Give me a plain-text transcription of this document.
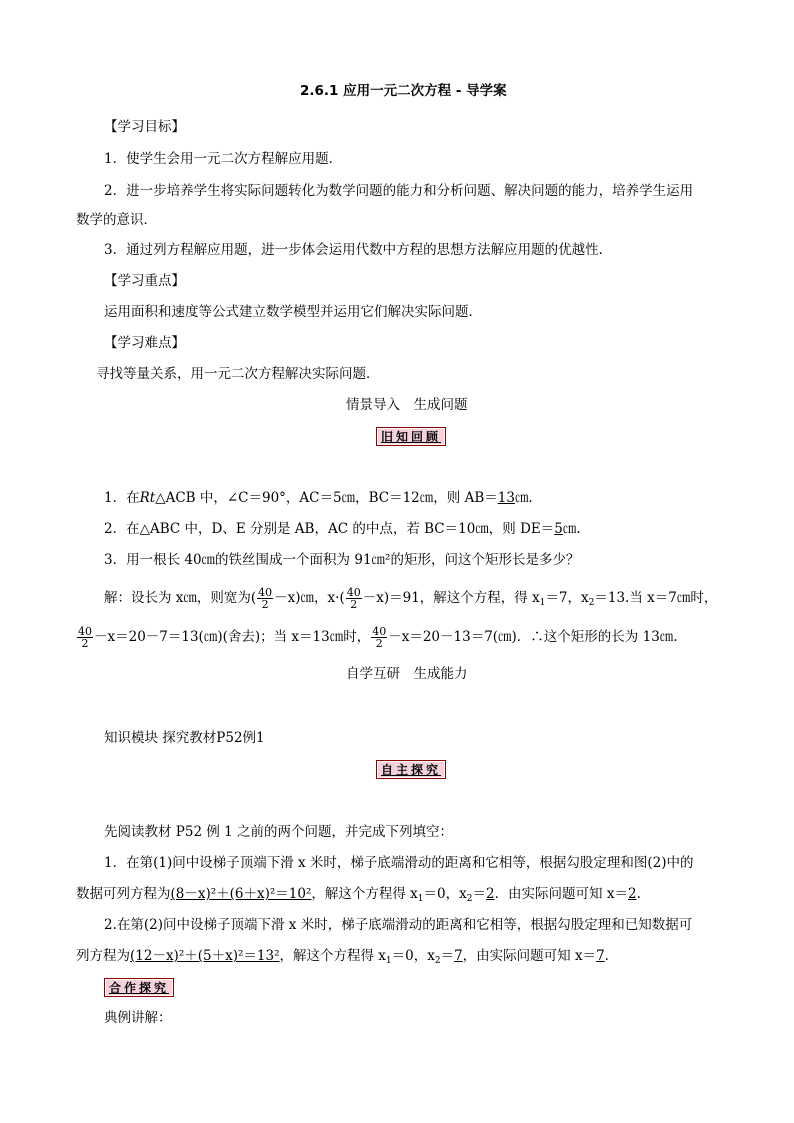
2.6.1 应用一元二次方程 - 导学案
【学习目标】
1．使学生会用一元二次方程解应用题．
2．进一步培养学生将实际问题转化为数学问题的能力和分析问题、解决问题的能力，培养学生运用
数学的意识．
3．通过列方程解应用题，进一步体会运用代数中方程的思想方法解应用题的优越性．
【学习重点】
运用面积和速度等公式建立数学模型并运用它们解决实际问题．
【学习难点】
寻找等量关系，用一元二次方程解决实际问题．
情景导入　生成问题
旧知回顾
1．在Rt△ACB 中，∠C＝90°，AC＝5㎝，BC＝12㎝，则 AB＝13㎝.
2．在△ABC 中，D、E 分别是 AB，AC 的中点，若 BC＝10㎝，则 DE＝5㎝.
3．用一根长 40㎝的铁丝围成一个面积为 91㎝²的矩形，问这个矩形长是多少？
解：设长为 x㎝，则宽为( $\frac{40}{2}$ －x)㎝，$x\cdot( \frac{40}{2} -x)=91$，解这个方程，得 $x_1=7$，$x_2=13$.当 x＝7㎝时，
$\frac{40}{2}$ －x＝20－7＝13(㎝)(舍去)；当 x＝13㎝时， $\frac{40}{2}$ －x＝20－13＝7(㎝)．∴这个矩形的长为 13㎝.
自学互研　生成能力
知识模块 探究教材P52例1
自主探究
先阅读教材 P52 例 1 之前的两个问题，并完成下列填空：
1．在第(1)问中设梯子顶端下滑 x 米时，梯子底端滑动的距离和它相等，根据勾股定理和图(2)中的
数据可列方程为(8－x)²＋(6＋x)²＝10²，解这个方程得 $x_1=0$，$x_2=2$．由实际问题可知 x＝2.
2.在第(2)问中设梯子顶端下滑 x 米时，梯子底端滑动的距离和它相等，根据勾股定理和已知数据可
列方程为(12－x)²＋(5＋x)²＝13²，解这个方程得 $x_1=0$，$x_2=7$，由实际问题可知 x＝7.
合作探究
典例讲解：
